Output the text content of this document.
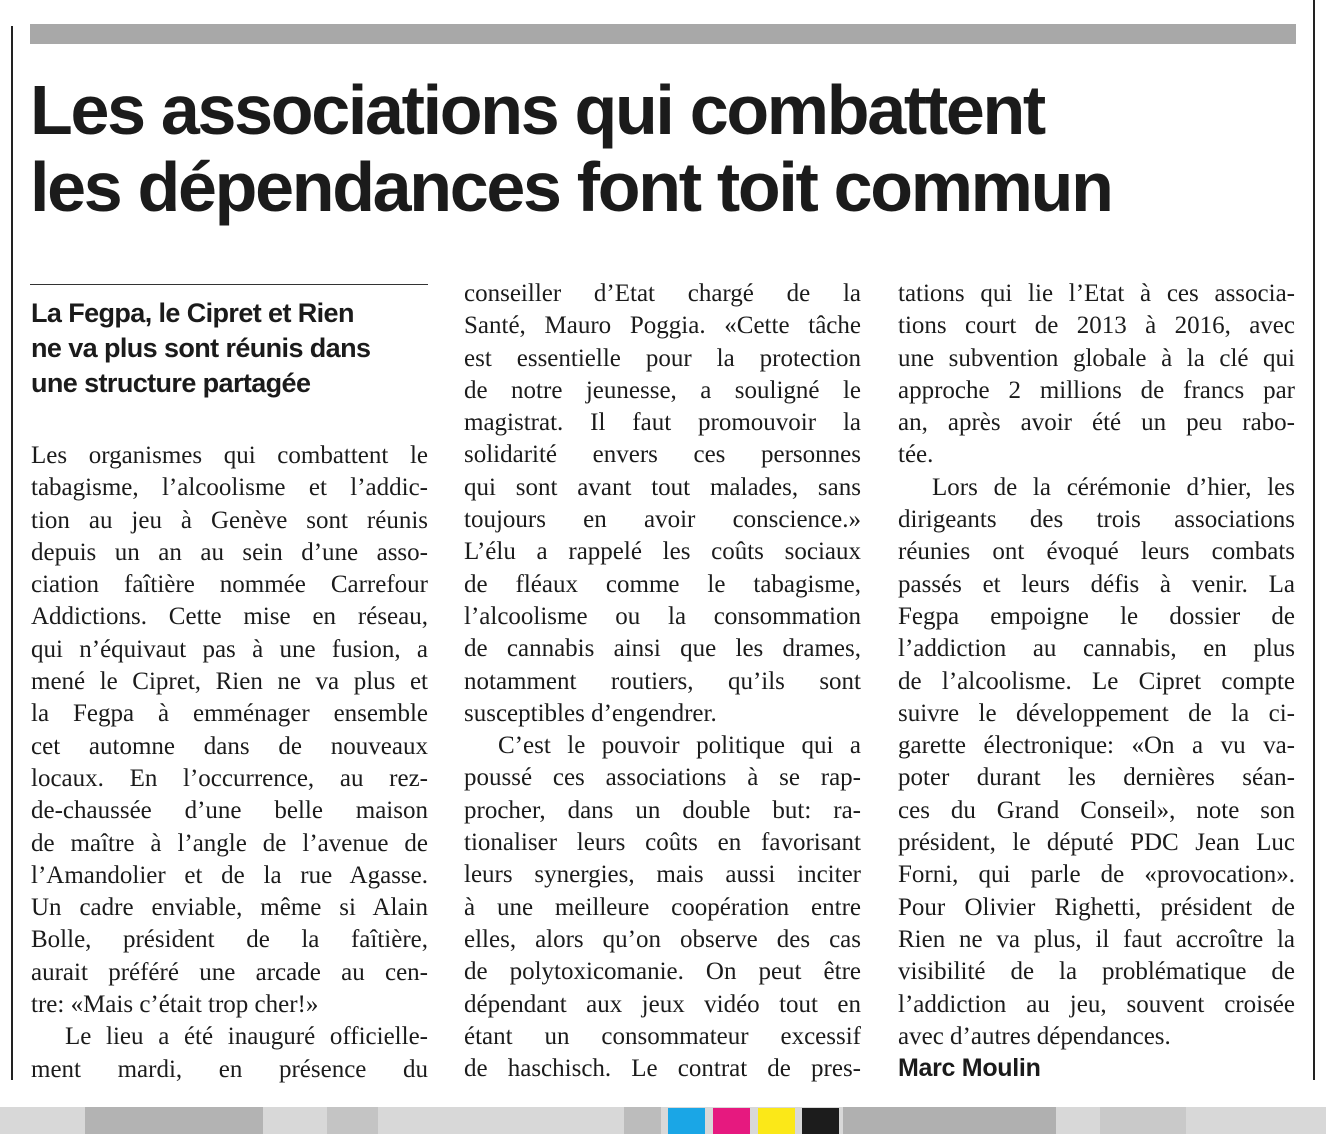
Les associations qui combattent
les dépendances font toit commun
La Fegpa, le Cipret et Rien
ne va plus sont réunis dans
une structure partagée
Les organismes qui combattent le
tabagisme, l’alcoolisme et l’addic-
tion au jeu à Genève sont réunis
depuis un an au sein d’une asso-
ciation faîtière nommée Carrefour
Addictions. Cette mise en réseau,
qui n’équivaut pas à une fusion, a
mené le Cipret, Rien ne va plus et
la Fegpa à emménager ensemble
cet automne dans de nouveaux
locaux. En l’occurrence, au rez-
de-chaussée d’une belle maison
de maître à l’angle de l’avenue de
l’Amandolier et de la rue Agasse.
Un cadre enviable, même si Alain
Bolle, président de la faîtière,
aurait préféré une arcade au cen-
tre: «Mais c’était trop cher!»
Le lieu a été inauguré officielle-
ment mardi, en présence du
conseiller d’Etat chargé de la
Santé, Mauro Poggia. «Cette tâche
est essentielle pour la protection
de notre jeunesse, a souligné le
magistrat. Il faut promouvoir la
solidarité envers ces personnes
qui sont avant tout malades, sans
toujours en avoir conscience.»
L’élu a rappelé les coûts sociaux
de fléaux comme le tabagisme,
l’alcoolisme ou la consommation
de cannabis ainsi que les drames,
notamment routiers, qu’ils sont
susceptibles d’engendrer.
C’est le pouvoir politique qui a
poussé ces associations à se rap-
procher, dans un double but: ra-
tionaliser leurs coûts en favorisant
leurs synergies, mais aussi inciter
à une meilleure coopération entre
elles, alors qu’on observe des cas
de polytoxicomanie. On peut être
dépendant aux jeux vidéo tout en
étant un consommateur excessif
de haschisch. Le contrat de pres-
tations qui lie l’Etat à ces associa-
tions court de 2013 à 2016, avec
une subvention globale à la clé qui
approche 2 millions de francs par
an, après avoir été un peu rabo-
tée.
Lors de la cérémonie d’hier, les
dirigeants des trois associations
réunies ont évoqué leurs combats
passés et leurs défis à venir. La
Fegpa empoigne le dossier de
l’addiction au cannabis, en plus
de l’alcoolisme. Le Cipret compte
suivre le développement de la ci-
garette électronique: «On a vu va-
poter durant les dernières séan-
ces du Grand Conseil», note son
président, le député PDC Jean Luc
Forni, qui parle de «provocation».
Pour Olivier Righetti, président de
Rien ne va plus, il faut accroître la
visibilité de la problématique de
l’addiction au jeu, souvent croisée
avec d’autres dépendances.
Marc Moulin
